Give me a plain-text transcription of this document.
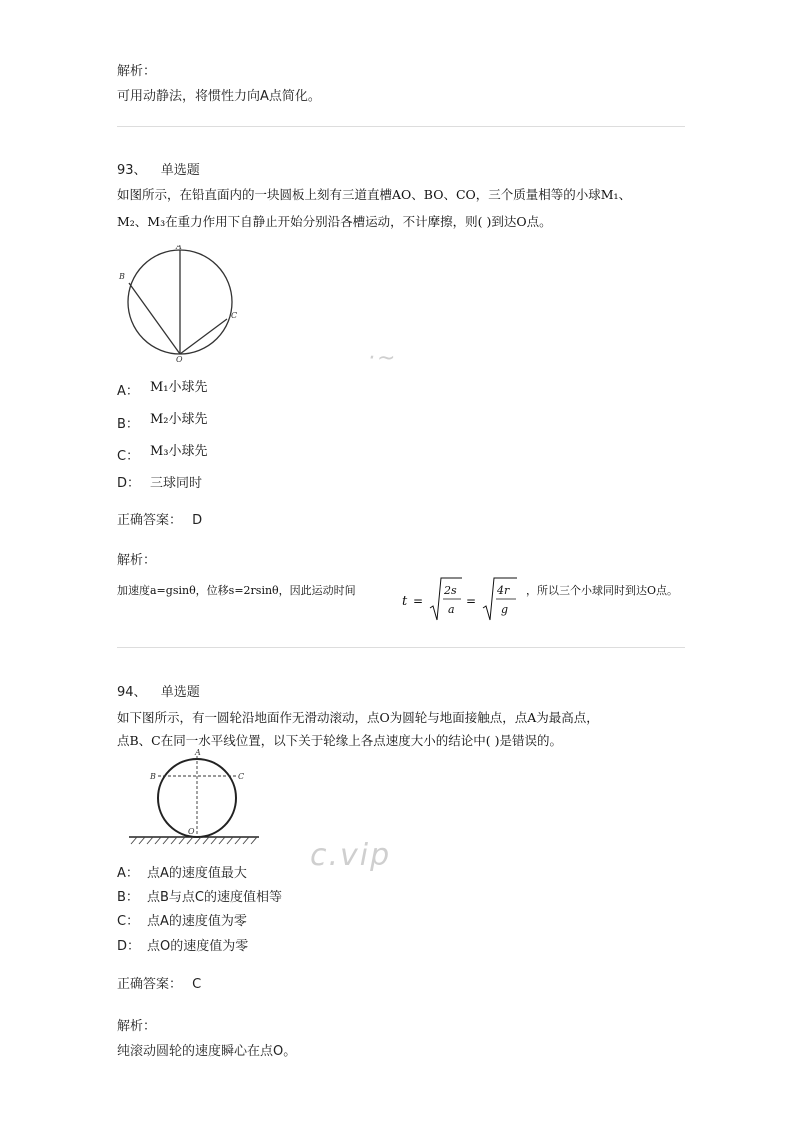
解析：
可用动静法，将惯性力向A点简化。
93、 单选题
如图所示，在铅直面内的一块圆板上刻有三道直槽AO、BO、CO，三个质量相等的小球M₁、
M₂、M₃在重力作用下自静止开始分别沿各槽运动，不计摩擦，则( )到达O点。
A
B
C
O	·~
A： M₁小球先
B： M₂小球先
C： M₃小球先
D： 三球同时
正确答案： D
解析：
加速度a=gsinθ，位移s=2rsinθ，因此运动时间
t =
2s
a
=
4r
g
，所以三个小球同时到达O点。
94、 单选题
如下图所示，有一圆轮沿地面作无滑动滚动，点O为圆轮与地面接触点，点A为最高点，
点B、C在同一水平线位置，以下关于轮缘上各点速度大小的结论中( )是错误的。
A
B	C
O
c.vip
A： 点A的速度值最大
B： 点B与点C的速度值相等
C： 点A的速度值为零
D： 点O的速度值为零
正确答案： C
解析：
纯滚动圆轮的速度瞬心在点O。
